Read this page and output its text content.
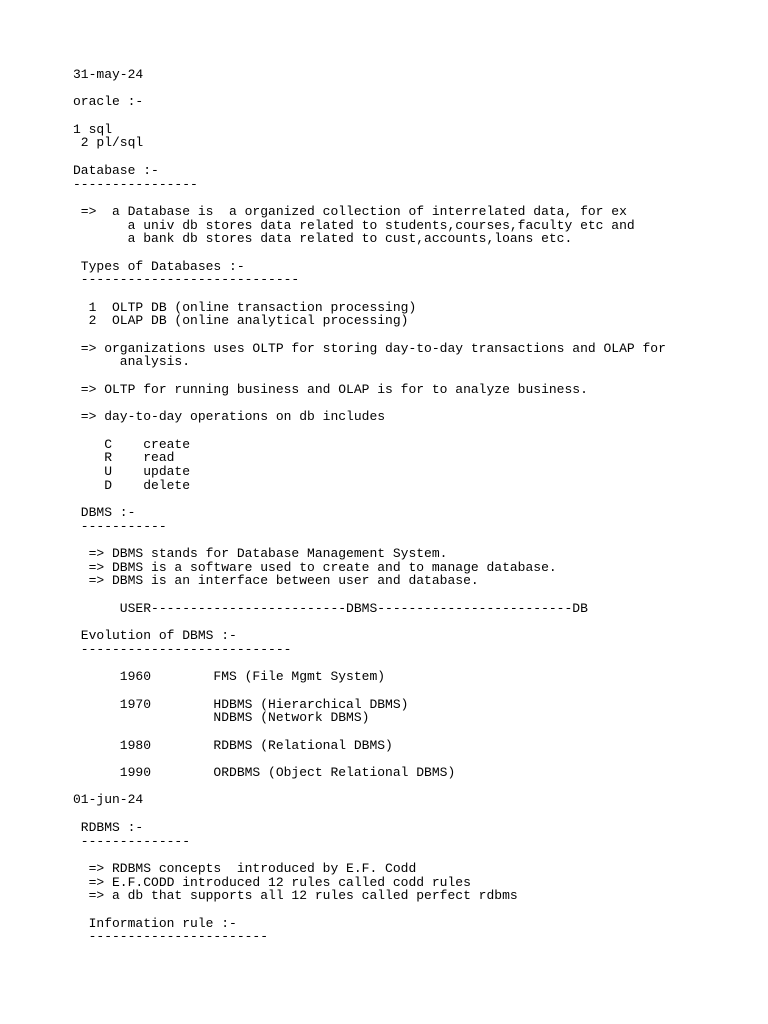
31-may-24
oracle :-
1 sql
2 pl/sql
Database :-
----------------
=>  a Database is  a organized collection of interrelated data, for ex
a univ db stores data related to students,courses,faculty etc and
a bank db stores data related to cust,accounts,loans etc.
Types of Databases :-
----------------------------
1  OLTP DB (online transaction processing)
2  OLAP DB (online analytical processing)
=> organizations uses OLTP for storing day-to-day transactions and OLAP for
analysis.
=> OLTP for running business and OLAP is for to analyze business.
=> day-to-day operations on db includes
C    create
R    read
U    update
D    delete
DBMS :-
-----------
=> DBMS stands for Database Management System.
=> DBMS is a software used to create and to manage database.
=> DBMS is an interface between user and database.
USER-------------------------DBMS-------------------------DB
Evolution of DBMS :-
---------------------------
1960        FMS (File Mgmt System)
1970        HDBMS (Hierarchical DBMS)
NDBMS (Network DBMS)
1980        RDBMS (Relational DBMS)
1990        ORDBMS (Object Relational DBMS)
01-jun-24
RDBMS :-
--------------
=> RDBMS concepts  introduced by E.F. Codd
=> E.F.CODD introduced 12 rules called codd rules
=> a db that supports all 12 rules called perfect rdbms
Information rule :-
-----------------------
